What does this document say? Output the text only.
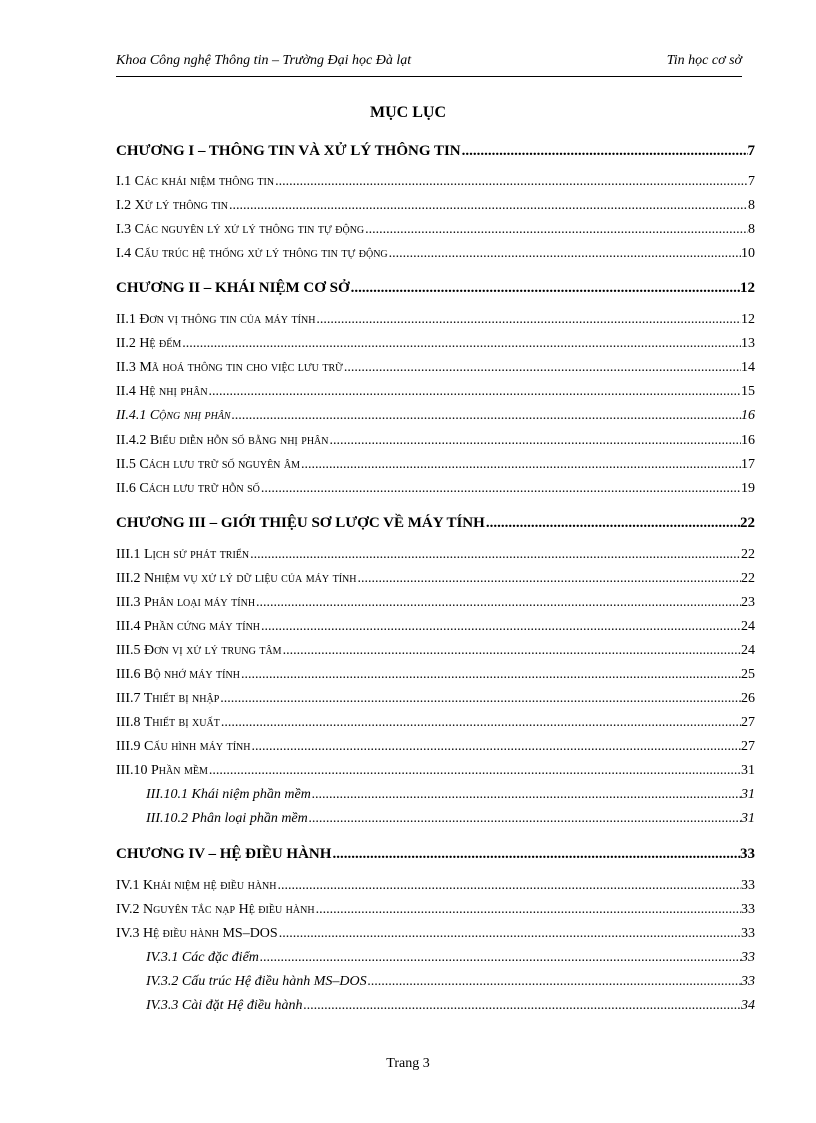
Khoa Công nghệ Thông tin – Trường Đại học Đà lạt	Tin học cơ sở
MỤC LỤC
CHƯƠNG I – THÔNG TIN VÀ XỬ LÝ THÔNG TIN .....	7
I.1 Các khái niệm thông tin .....	7
I.2 Xử lý thông tin .....	8
I.3 Các nguyên lý xử lý thông tin tự động .....	8
I.4 Cấu trúc hệ thống xử lý thông tin tự động .....	10
CHƯƠNG II – KHÁI NIỆM CƠ SỞ .....	12
II.1 Đơn vị thông tin của máy tính .....	12
II.2 Hệ đếm .....	13
II.3 Mã hoá thông tin cho việc lưu trữ .....	14
II.4 Hệ nhị phân .....	15
II.4.1 Cộng nhị phân .....	16
II.4.2 Biểu diễn hỗn số bằng nhị phân .....	16
II.5 Cách lưu trữ số nguyên âm .....	17
II.6 Cách lưu trữ hỗn số .....	19
CHƯƠNG III – GIỚI THIỆU SƠ LƯỢC VỀ MÁY TÍNH .....	22
III.1 Lịch sử phát triển .....	22
III.2 Nhiệm vụ xử lý dữ liệu của máy tính .....	22
III.3 Phân loại máy tính .....	23
III.4 Phần cứng máy tính .....	24
III.5 Đơn vị xử lý trung tâm .....	24
III.6 Bộ nhớ máy tính .....	25
III.7 Thiết bị nhập .....	26
III.8 Thiết bị xuất .....	27
III.9 Cấu hình máy tính .....	27
III.10 Phần mềm .....	31
III.10.1 Khái niệm phần mềm .....	31
III.10.2 Phân loại phần mềm .....	31
CHƯƠNG IV – HỆ ĐIỀU HÀNH .....	33
IV.1 Khái niệm hệ điều hành .....	33
IV.2 Nguyên tắc nạp Hệ điều hành .....	33
IV.3 Hệ điều hành MS–DOS .....	33
IV.3.1 Các đặc điểm .....	33
IV.3.2 Cấu trúc Hệ điều hành MS–DOS .....	33
IV.3.3 Cài đặt Hệ điều hành .....	34
Trang 3
